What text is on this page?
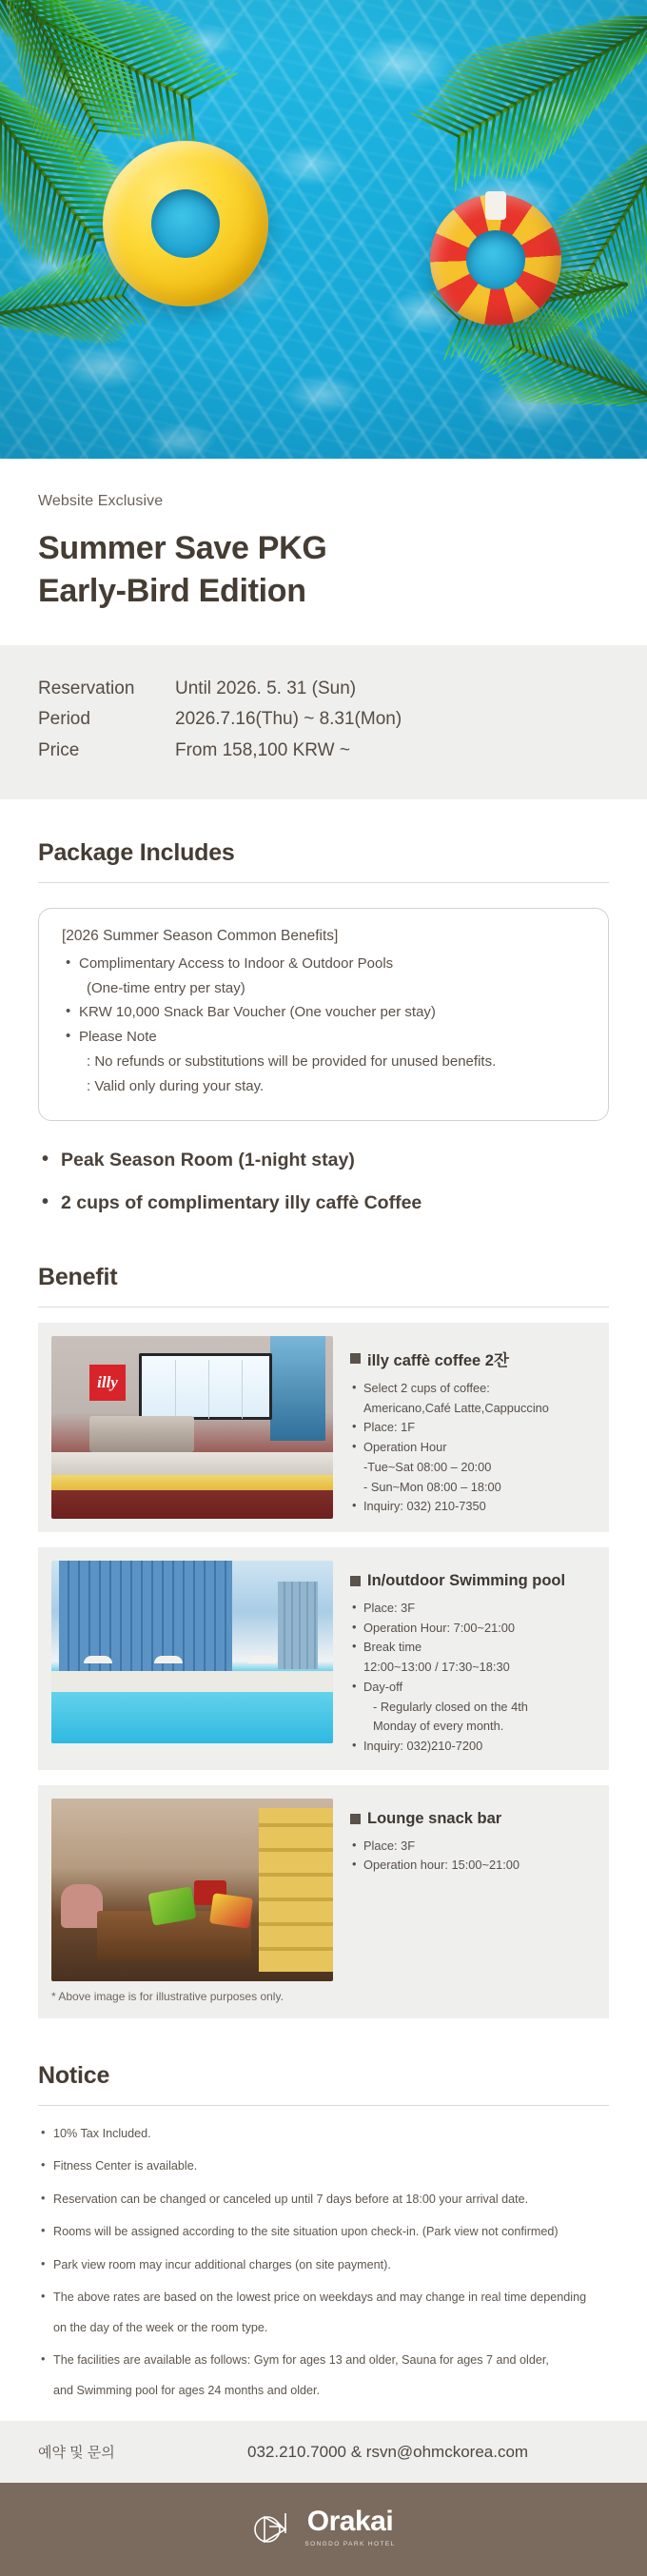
Website Exclusive
Summer Save PKG
Early-Bird Edition
Reservation	Until 2026. 5. 31 (Sun)
Period	2026.7.16(Thu) ~ 8.31(Mon)
Price	From 158,100 KRW ~
Package Includes
[2026 Summer Season Common Benefits]
• Complimentary Access to Indoor & Outdoor Pools
(One-time entry per stay)
• KRW 10,000 Snack Bar Voucher (One voucher per stay)
• Please Note
: No refunds or substitutions will be provided for unused benefits.
: Valid only during your stay.
• Peak Season Room (1-night stay)
• 2 cups of complimentary illy caffè Coffee
Benefit
illy
illy caffè coffee 2잔
• Select 2 cups of coffee:
Americano,Café Latte,Cappuccino
• Place: 1F
• Operation Hour
-Tue~Sat 08:00 – 20:00
- Sun~Mon 08:00 – 18:00
• Inquiry: 032) 210-7350
In/outdoor Swimming pool
• Place: 3F
• Operation Hour: 7:00~21:00
• Break time
12:00~13:00 / 17:30~18:30
• Day-off
- Regularly closed on the 4th
Monday of every month.
• Inquiry: 032)210-7200
Lounge snack bar
• Place: 3F
• Operation hour: 15:00~21:00
* Above image is for illustrative purposes only.
Notice
• 10% Tax Included.
• Fitness Center is available.
• Reservation can be changed or canceled up until 7 days before at 18:00 your arrival date.
• Rooms will be assigned according to the site situation upon check-in. (Park view not confirmed)
• Park view room may incur additional charges (on site payment).
• The above rates are based on the lowest price on weekdays and may change in real time depending
on the day of the week or the room type.
• The facilities are available as follows: Gym for ages 13 and older, Sauna for ages 7 and older,
and Swimming pool for ages 24 months and older.
예약 및 문의	032.210.7000 & rsvn@ohmckorea.com
Orakai
SONGDO PARK HOTEL
